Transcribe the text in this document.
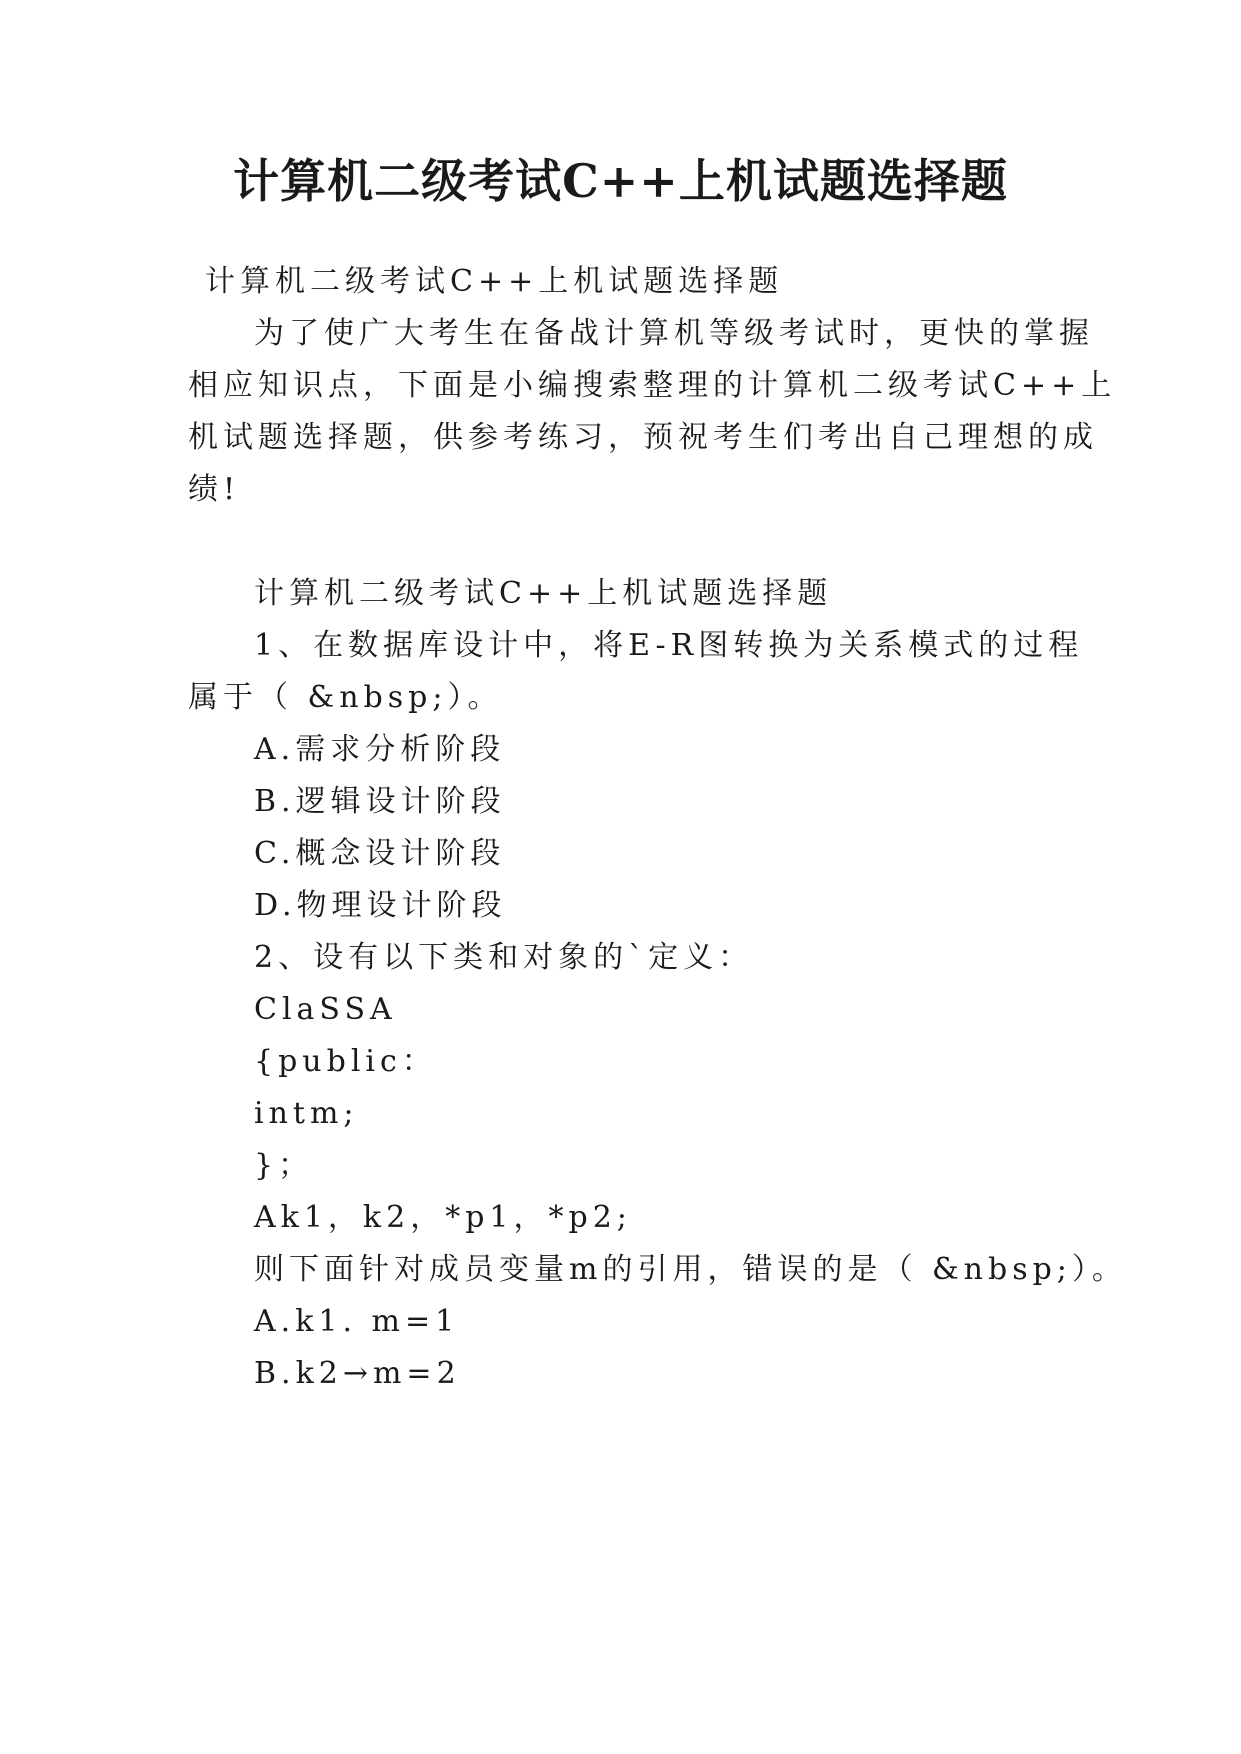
计算机二级考试C++上机试题选择题

计算机二级考试C++上机试题选择题

为了使广大考生在备战计算机等级考试时，更快的掌握

相应知识点，下面是小编搜索整理的计算机二级考试C++上

机试题选择题，供参考练习，预祝考生们考出自己理想的成

绩!

计算机二级考试C++上机试题选择题

1、在数据库设计中，将E-R图转换为关系模式的过程

属于（ &nbsp;）。

A.需求分析阶段

B.逻辑设计阶段

C.概念设计阶段

D.物理设计阶段

2、设有以下类和对象的`定义：

ClaSSA

{public：

intm;

}；

Ak1，k2，*p1，*p2;

则下面针对成员变量m的引用，错误的是（ &nbsp;）。

A.k1. m=1

B.k2→m=2
